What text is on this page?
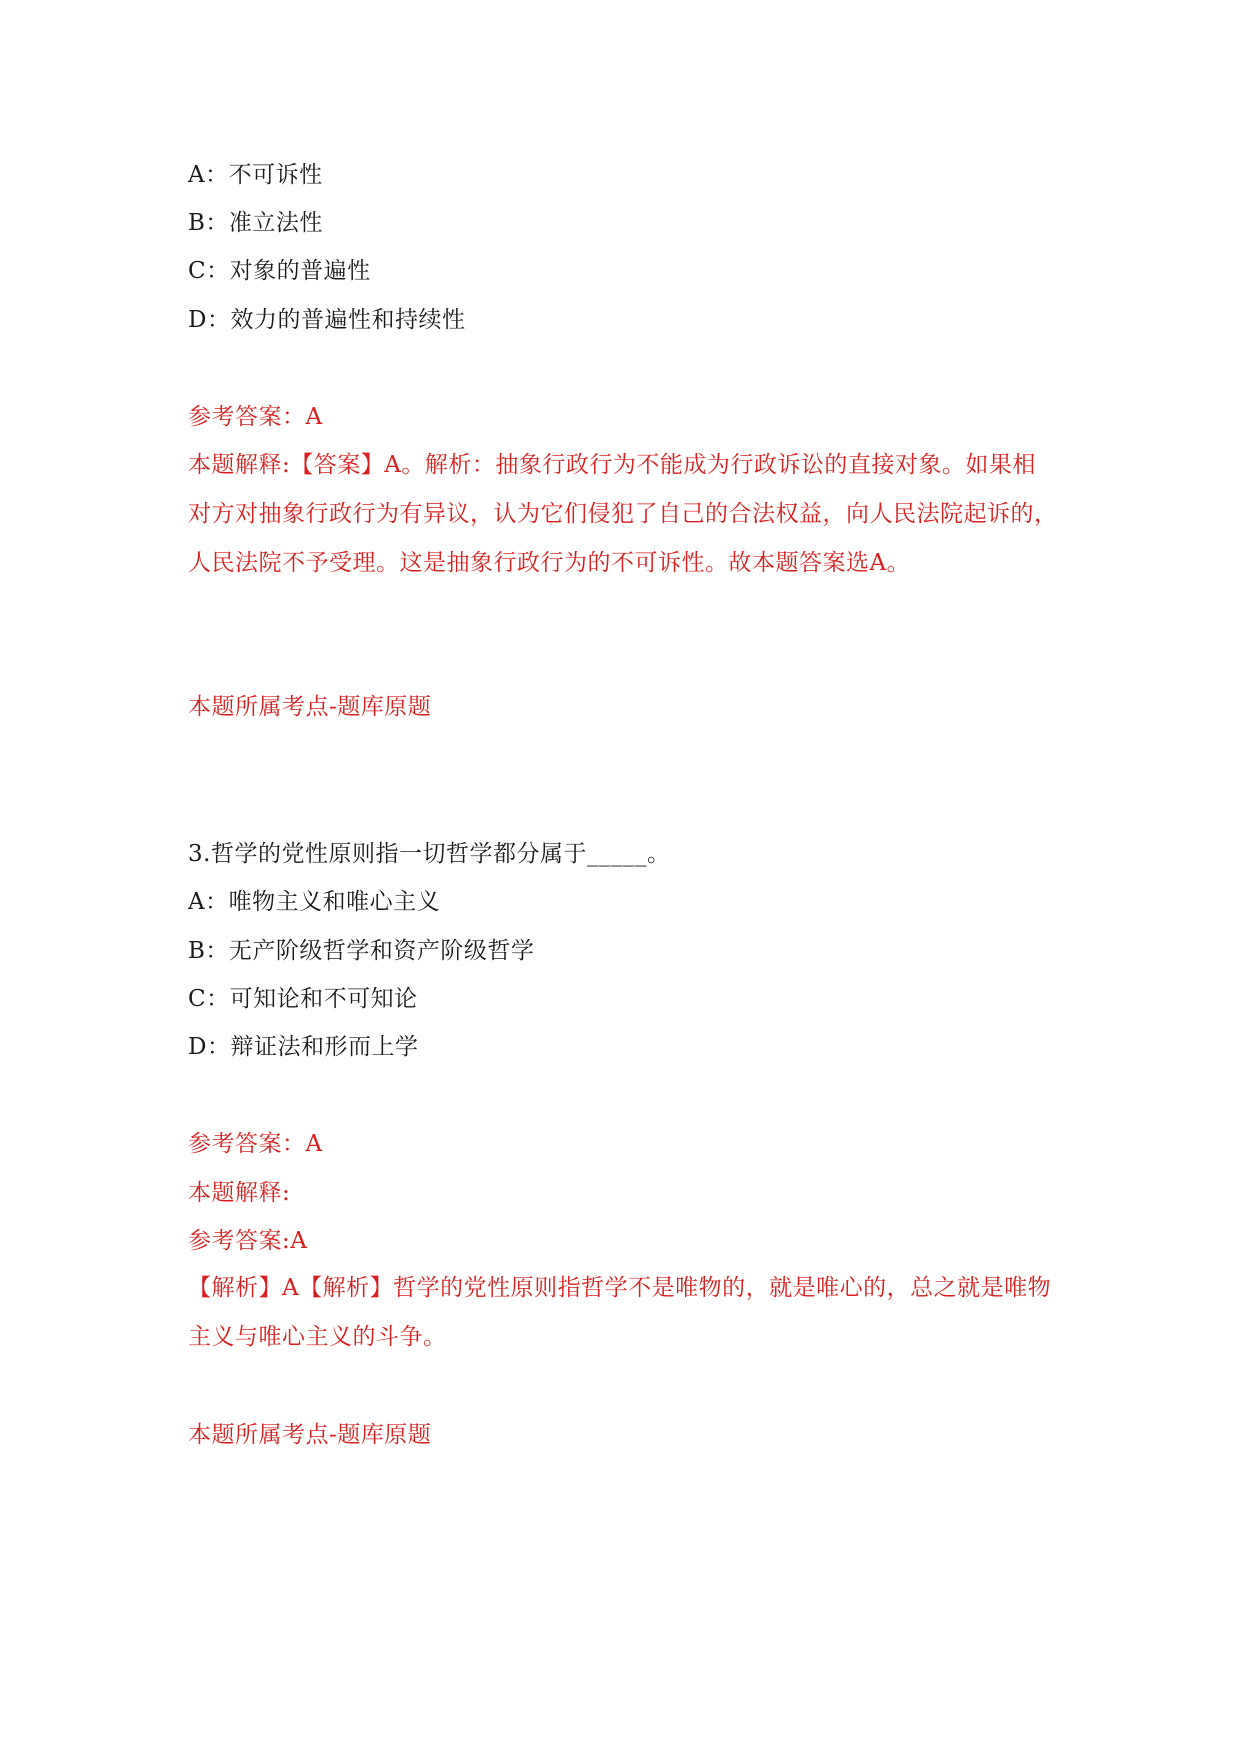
A：不可诉性
B：准立法性
C：对象的普遍性
D：效力的普遍性和持续性
参考答案：A
本题解释:【答案】A。解析：抽象行政行为不能成为行政诉讼的直接对象。如果相对方对抽象行政行为有异议，认为它们侵犯了自己的合法权益，向人民法院起诉的，人民法院不予受理。这是抽象行政行为的不可诉性。故本题答案选A。
本题所属考点-题库原题
3.哲学的党性原则指一切哲学都分属于_____。
A：唯物主义和唯心主义
B：无产阶级哲学和资产阶级哲学
C：可知论和不可知论
D：辩证法和形而上学
参考答案：A
本题解释:
参考答案:A
【解析】A【解析】哲学的党性原则指哲学不是唯物的，就是唯心的，总之就是唯物主义与唯心主义的斗争。
本题所属考点-题库原题
